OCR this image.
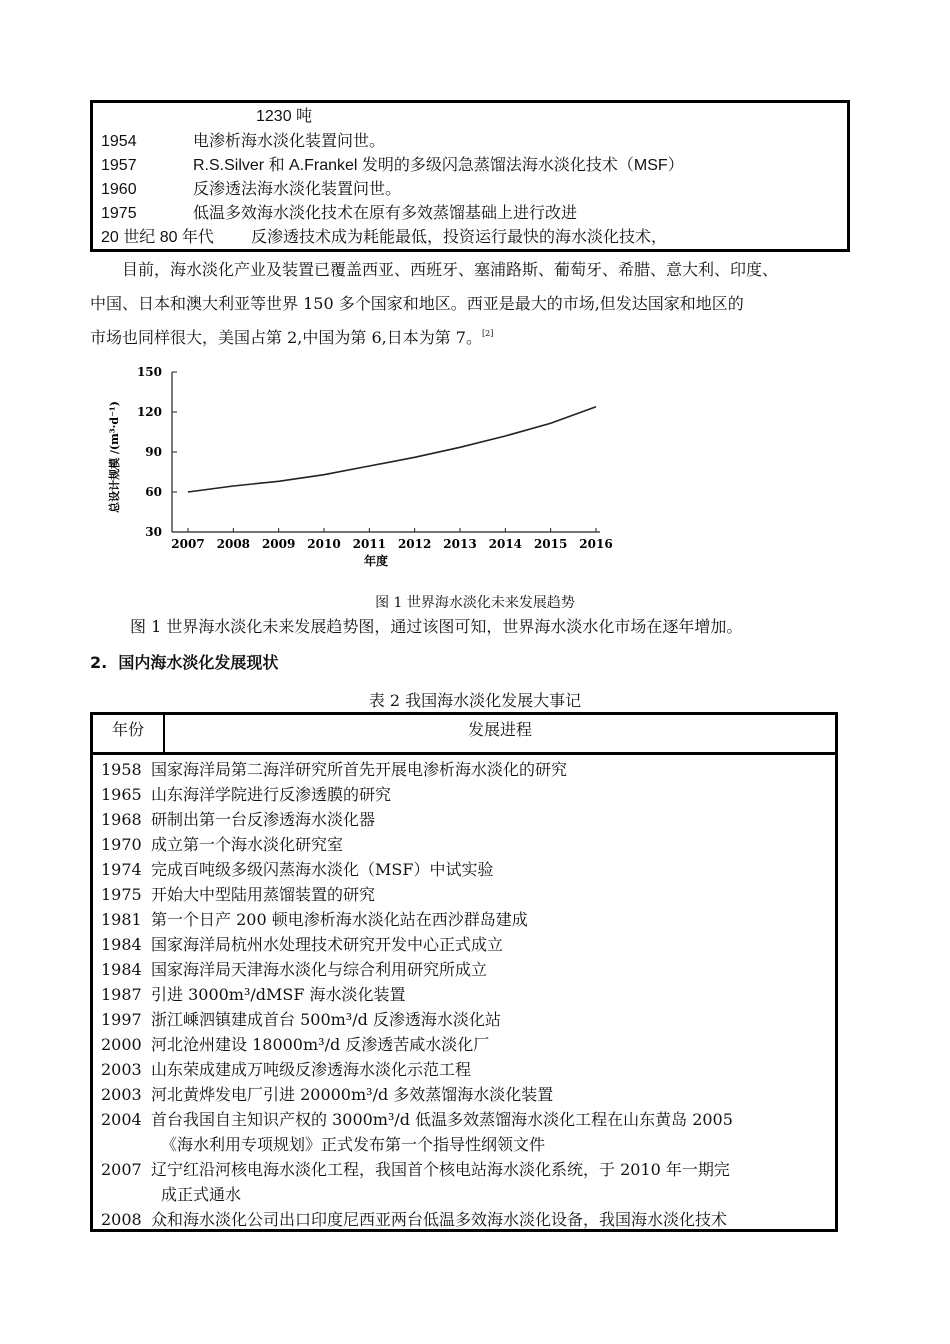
1230 吨
1954	电渗析海水淡化装置问世。
1957	R.S.Silver 和 A.Frankel 发明的多级闪急蒸馏法海水淡化技术（MSF）
1960	反渗透法海水淡化装置问世。
1975	低温多效海水淡化技术在原有多效蒸馏基础上进行改进
20 世纪 80 年代 反渗透技术成为耗能最低，投资运行最快的海水淡化技术，
目前，海水淡化产业及装置已覆盖西亚、西班牙、塞浦路斯、葡萄牙、希腊、意大利、印度、
中国、日本和澳大利亚等世界 150 多个国家和地区。西亚是最大的市场,但发达国家和地区的
市场也同样很大，美国占第 2,中国为第 6,日本为第 7。[2]
30
60
90
120
150
2007 2008 2009 2010 2011 2012 2013 2014 2015 2016
总设计规模 /(m³·d⁻¹)
年度
图 1 世界海水淡化未来发展趋势
图 1 世界海水淡化未来发展趋势图，通过该图可知，世界海水淡水化市场在逐年增加。
2. 国内海水淡化发展现状
表 2 我国海水淡化发展大事记
年份	发展进程
1958 国家海洋局第二海洋研究所首先开展电渗析海水淡化的研究
1965 山东海洋学院进行反渗透膜的研究
1968 研制出第一台反渗透海水淡化器
1970 成立第一个海水淡化研究室
1974 完成百吨级多级闪蒸海水淡化（MSF）中试实验
1975 开始大中型陆用蒸馏装置的研究
1981 第一个日产 200 顿电渗析海水淡化站在西沙群岛建成
1984 国家海洋局杭州水处理技术研究开发中心正式成立
1984 国家海洋局天津海水淡化与综合利用研究所成立
1987 引进 3000m³/dMSF 海水淡化装置
1997 浙江嵊泗镇建成首台 500m³/d 反渗透海水淡化站
2000 河北沧州建设 18000m³/d 反渗透苦咸水淡化厂
2003 山东荣成建成万吨级反渗透海水淡化示范工程
2003 河北黄烨发电厂引进 20000m³/d 多效蒸馏海水淡化装置
2004 首台我国自主知识产权的 3000m³/d 低温多效蒸馏海水淡化工程在山东黄岛 2005
《海水利用专项规划》正式发布第一个指导性纲领文件
2007 辽宁红沿河核电海水淡化工程，我国首个核电站海水淡化系统，于 2010 年一期完
成正式通水
2008 众和海水淡化公司出口印度尼西亚两台低温多效海水淡化设备，我国海水淡化技术
